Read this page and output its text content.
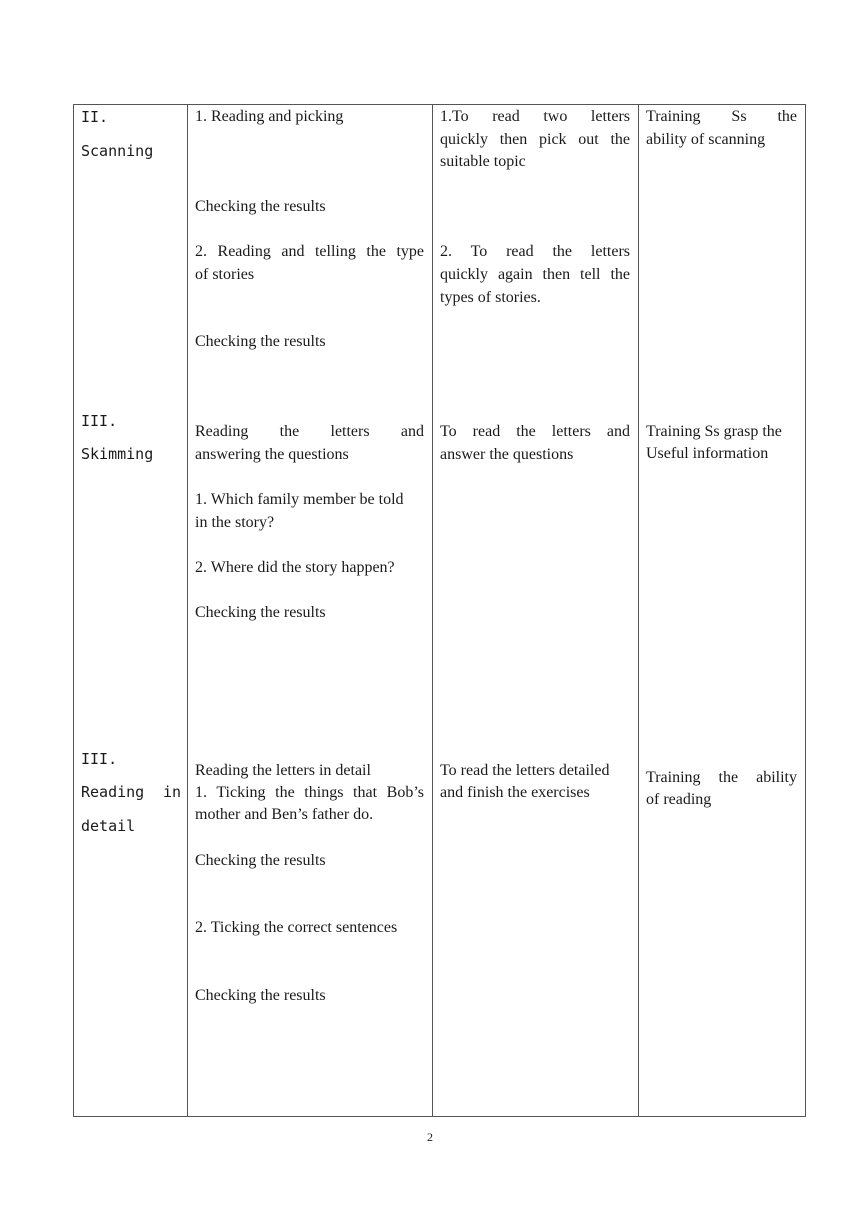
II.
Scanning
III.
Skimming
III.
Reading in
detail
1. Reading and picking
Checking the results
2. Reading and telling the type
of stories
Checking the results
Reading the letters and
answering the questions
1. Which family member be told
in the story?
2. Where did the story happen?
Checking the results
Reading the letters in detail
1. Ticking the things that Bob’s
mother and Ben’s father do.
Checking the results
2. Ticking the correct sentences
Checking the results
1.To read two letters
quickly then pick out the
suitable topic
2. To read the letters
quickly again then tell the
types of stories.
To read the letters and
answer the questions
To read the letters detailed
and finish the exercises
Training Ss the
ability of scanning
Training Ss grasp the
Useful information
Training the ability
of reading
2
